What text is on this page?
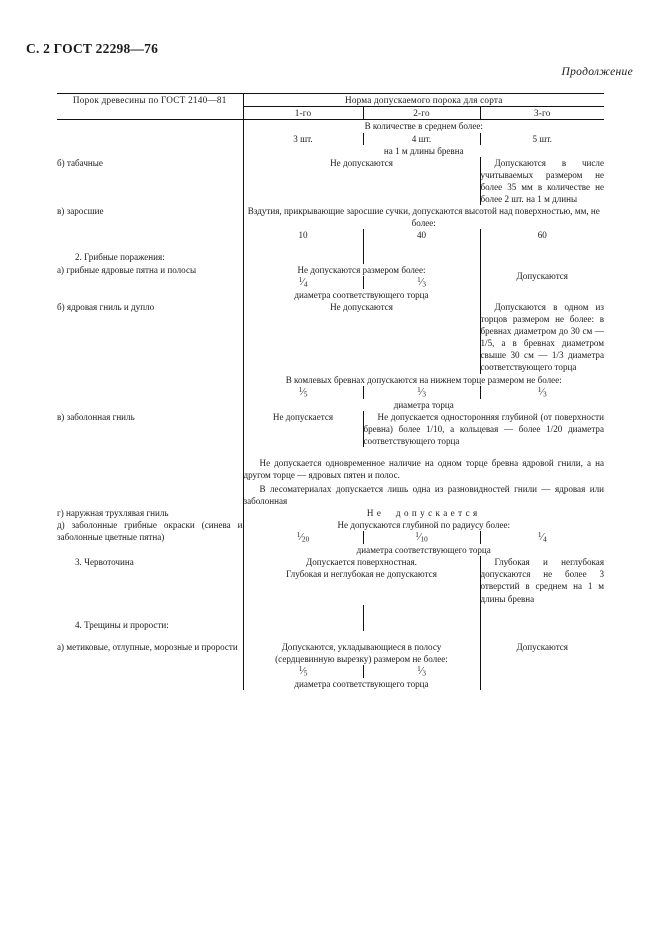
С. 2 ГОСТ 22298—76
Продолжение
Порок древесины по ГОСТ 2140—81	Норма допускаемого порока для сорта		
	1-го	2-го	3-го
	В количестве в среднем более:		
	3 шт.	4 шт.	5 шт.
	на 1 м длины бревна		
б) табачные	Не допускаются		Допускаются в числе учитываемых размером не более 35 мм в количестве не более 2 шт. на 1 м длины
в) заросшие	Вздутия, прикрывающие заросшие сучки, допускаются высотой над поверхностью, мм, не более:		
	10	40	60
2. Грибные поражения:			
а) грибные ядровые пятна и полосы	Не допускаются размером более:		Допускаются
	$^1⁄_4$	$^1⁄_3$
	диаметра соответствующего торца		
б) ядровая гниль и дупло	Не допускаются		Допускаются в одном из торцов размером не более: в бревнах диаметром до 30 см — 1/5, а в бревнах диаметром свыше 30 см — 1/3 диаметра соответствующего торца
	В комлевых бревнах допускаются на нижнем торце размером не более:		
	$^1⁄_5$	$^1⁄_3$	$^1⁄_3$
	диаметра торца		
в) заболонная гниль	Не допускается	Не допускается односторонняя глубиной (от поверхности бревна) более 1/10, а кольцевая — более 1/20 диаметра соответствующего торца	
	Не допускается одновременное наличие на одном торце бревна ядровой гнили, а на другом торце — ядровых пятен и полос.		
	В лесоматериалах допускается лишь одна из разновидностей гнили — ядровая или заболонная		
г) наружная трухлявая гниль	Не допускается		
д) заболонные грибные окраски (синева и заболонные цветные пятна)	Не допускаются глубиной по радиусу более:		
	$^1⁄_{20}$	$^1⁄_{10}$	$^1⁄_4$
	диаметра соответствующего торца		
3. Червоточина	Допускается поверхностная.
Глубокая и неглубокая не допускаются		Глубокая и неглубокая допускаются не более 3 отверстий в среднем на 1 м длины бревна
4. Трещины и прорости:			
а) метиковые, отлупные, морозные и прорости	Допускаются, укладывающиеся в полосу
(сердцевинную вырезку) размером не более:		Допускаются
	$^1⁄_5$	$^1⁄_3$
	диаметра соответствующего торца		
